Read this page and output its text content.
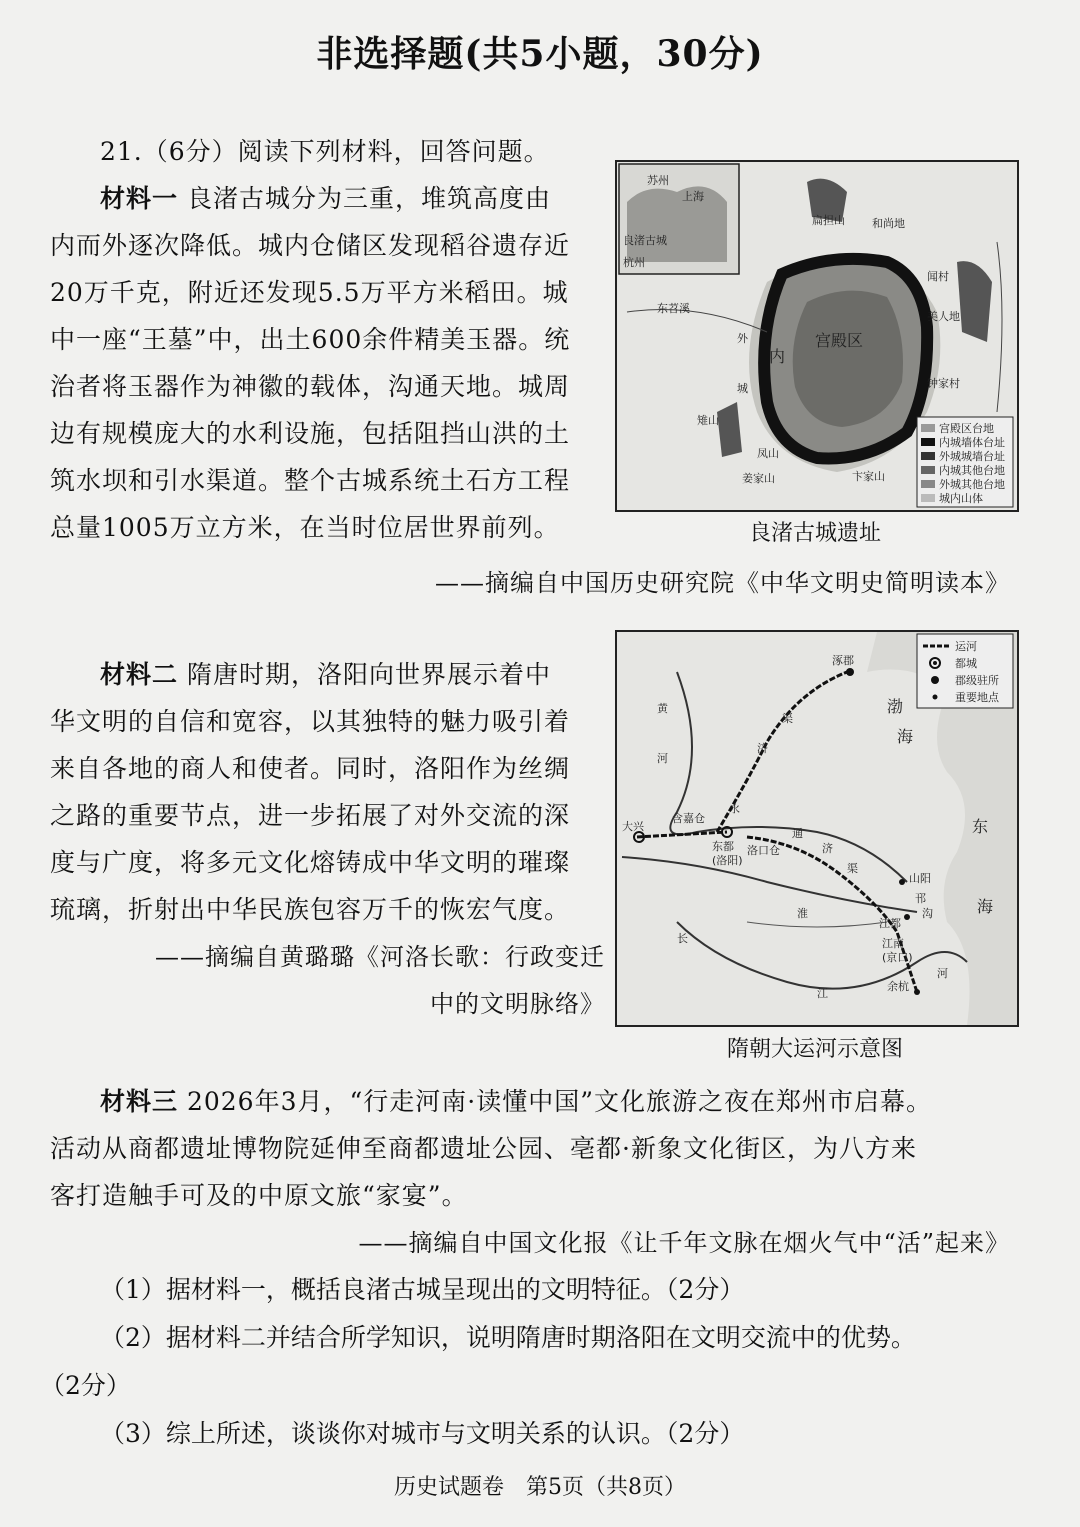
非选择题(共5小题，30分)
21.（6分）阅读下列材料，回答问题。
材料一 良渚古城分为三重，堆筑高度由
内而外逐次降低。城内仓储区发现稻谷遗存近
20万千克，附近还发现5.5万平方米稻田。城
中一座“王墓”中，出土600余件精美玉器。统
治者将玉器作为神徽的载体，沟通天地。城周
边有规模庞大的水利设施，包括阻挡山洪的土
筑水坝和引水渠道。整个古城系统土石方工程
总量1005万立方米，在当时位居世界前列。
苏州
上海
良渚古城
杭州
宫殿区
内
外
城
雉山
凤山
扁担山 和尚地
姜家山
闻村
美人地
钟家村
卞家山
东苕溪
宫殿区台地
内城墙体台址
外城城墙台址
内城其他台地
外城其他台地
城内山体
良渚古城遗址
——摘编自中国历史研究院《中华文明史简明读本》
材料二 隋唐时期，洛阳向世界展示着中
华文明的自信和宽容，以其独特的魅力吸引着
来自各地的商人和使者。同时，洛阳作为丝绸
之路的重要节点，进一步拓展了对外交流的深
度与广度，将多元文化熔铸成中华文明的璀璨
琉璃，折射出中华民族包容万千的恢宏气度。
——摘编自黄璐璐《河洛长歌：行政变迁
中的文明脉络》
运河
都城
郡级驻所
重要地点
涿郡
渤
海
东
海
黄
河
永
济
渠
通
济
渠
淮
长
江
大兴
含嘉仓
东都
(洛阳)
洛口仓
山阳
江都
江南
(京口)
余杭
邗
沟
河
隋朝大运河示意图
材料三 2026年3月，“行走河南·读懂中国”文化旅游之夜在郑州市启幕。
活动从商都遗址博物院延伸至商都遗址公园、亳都·新象文化街区，为八方来
客打造触手可及的中原文旅“家宴”。
——摘编自中国文化报《让千年文脉在烟火气中“活”起来》
（1）据材料一，概括良渚古城呈现出的文明特征。（2分）
（2）据材料二并结合所学知识，说明隋唐时期洛阳在文明交流中的优势。
（2分）
（3）综上所述，谈谈你对城市与文明关系的认识。（2分）
历史试题卷　第5页（共8页）
